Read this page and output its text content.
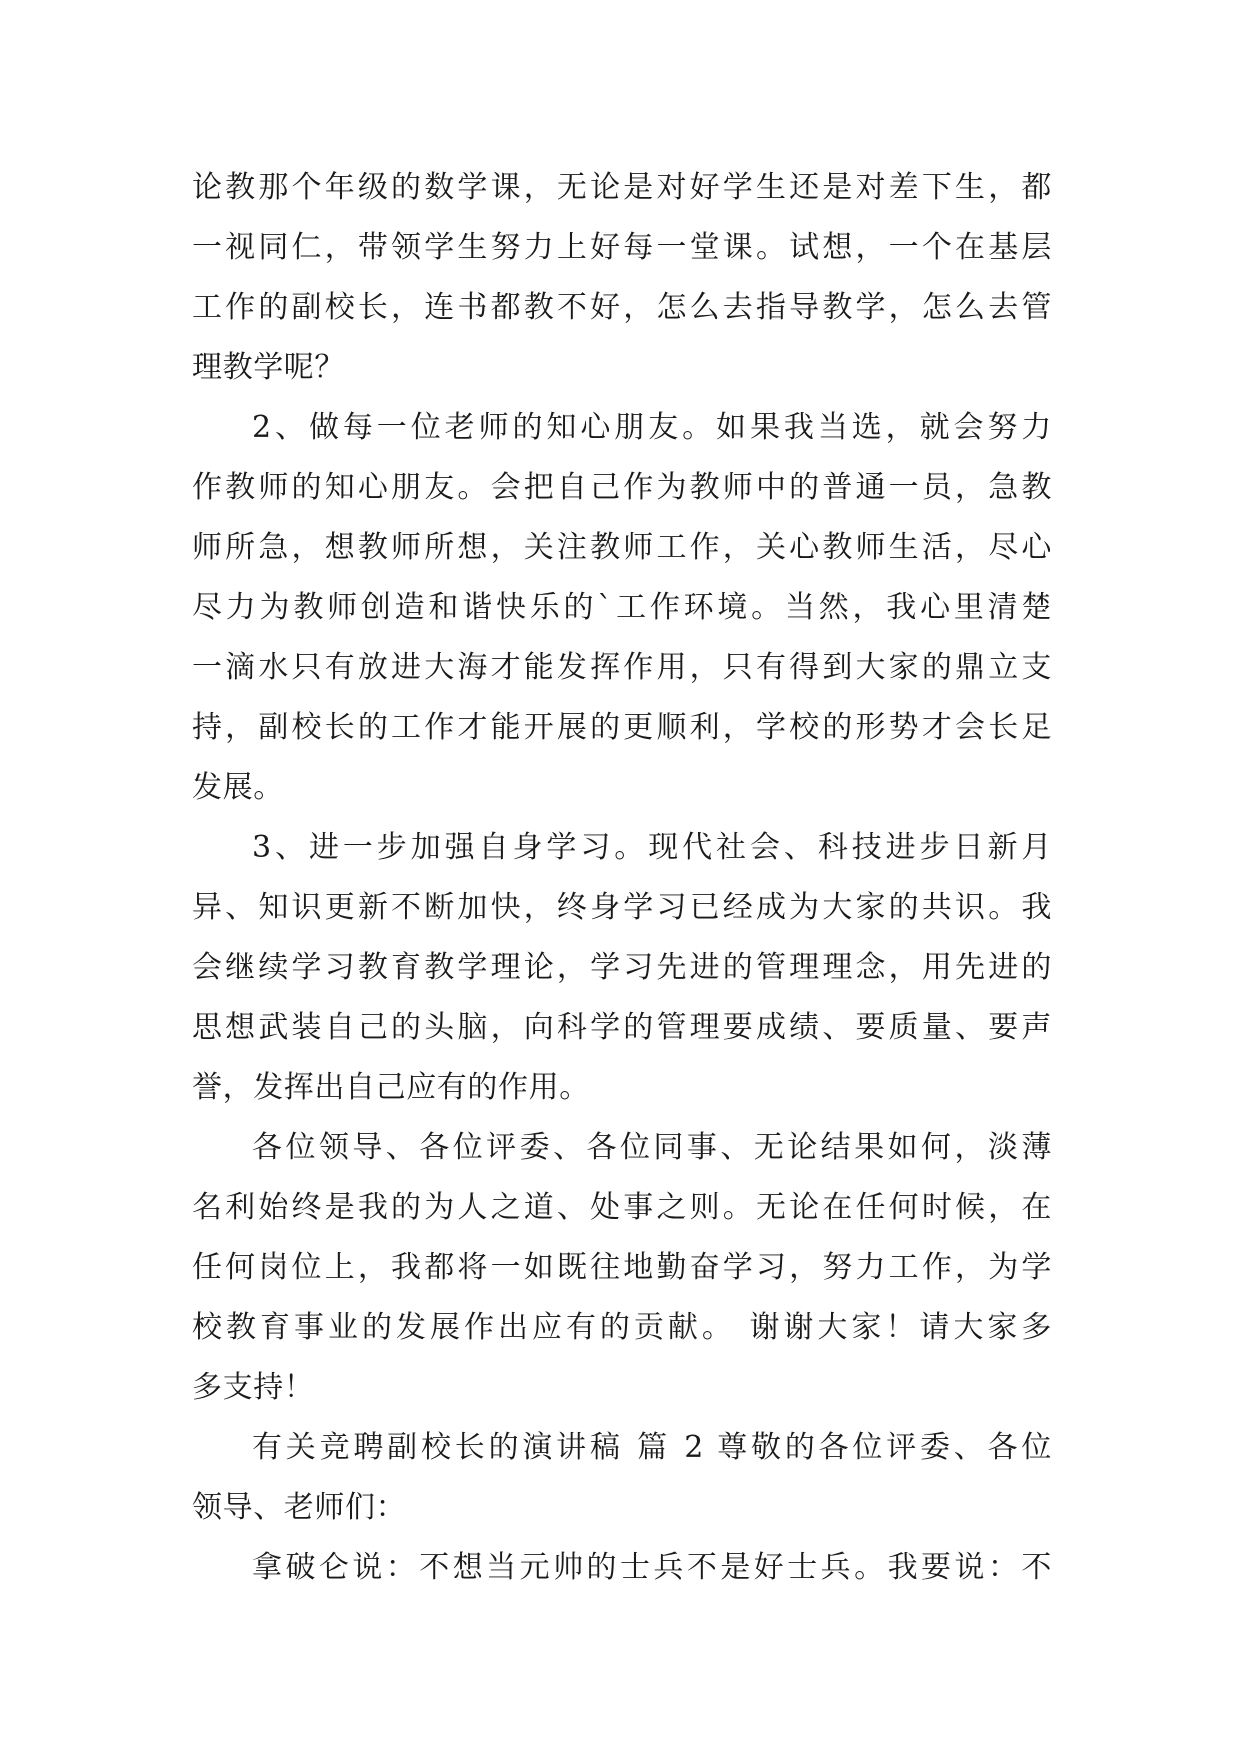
论教那个年级的数学课，无论是对好学生还是对差下生，都
一视同仁，带领学生努力上好每一堂课。试想，一个在基层
工作的副校长，连书都教不好，怎么去指导教学，怎么去管
理教学呢？
2、做每一位老师的知心朋友。如果我当选，就会努力
作教师的知心朋友。会把自己作为教师中的普通一员，急教
师所急，想教师所想，关注教师工作，关心教师生活，尽心
尽力为教师创造和谐快乐的`工作环境。当然，我心里清楚
一滴水只有放进大海才能发挥作用，只有得到大家的鼎立支
持，副校长的工作才能开展的更顺利，学校的形势才会长足
发展。
3、进一步加强自身学习。现代社会、科技进步日新月
异、知识更新不断加快，终身学习已经成为大家的共识。我
会继续学习教育教学理论，学习先进的管理理念，用先进的
思想武装自己的头脑，向科学的管理要成绩、要质量、要声
誉，发挥出自己应有的作用。
各位领导、各位评委、各位同事、无论结果如何，淡薄
名利始终是我的为人之道、处事之则。无论在任何时候，在
任何岗位上，我都将一如既往地勤奋学习，努力工作，为学
校教育事业的发展作出应有的贡献。 谢谢大家！请大家多
多支持！
有关竞聘副校长的演讲稿 篇 2 尊敬的各位评委、各位
领导、老师们：
拿破仑说：不想当元帅的士兵不是好士兵。我要说：不
